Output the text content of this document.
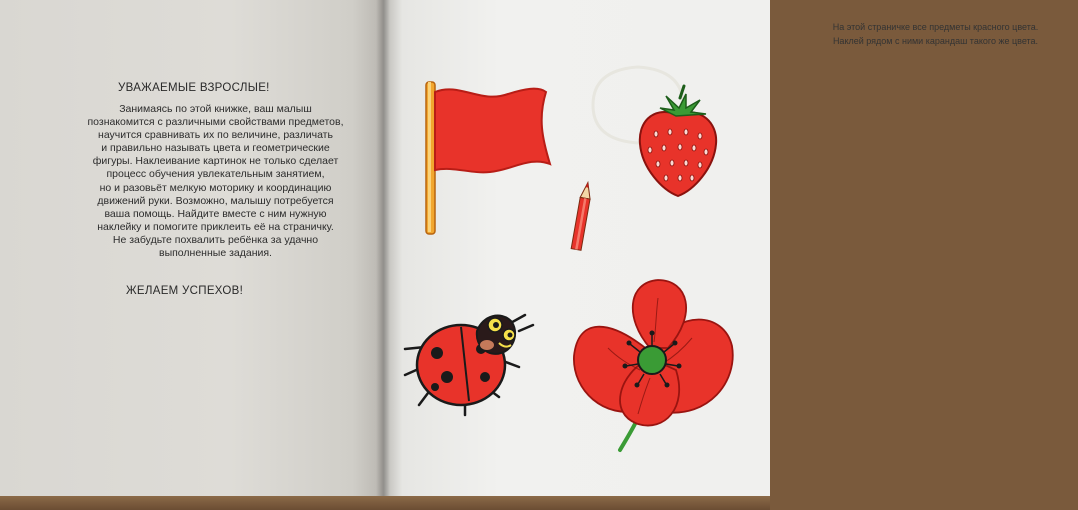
УВАЖАЕМЫЕ ВЗРОСЛЫЕ!

Занимаясь по этой книжке, ваш малыш
познакомится с различными свойствами предметов,
научится сравнивать их по величине, различать
и правильно называть цвета и геометрические
фигуры. Наклеивание картинок не только сделает
процесс обучения увлекательным занятием,
но и разовьёт мелкую моторику и координацию
движений руки. Возможно, малышу потребуется
ваша помощь. Найдите вместе с ним нужную
наклейку и помогите приклеить её на страничку.
Не забудьте похвалить ребёнка за удачно
выполненные задания.

ЖЕЛАЕМ УСПЕХОВ!

На этой страничке все предметы красного цвета.
Наклей рядом с ними карандаш такого же цвета.
